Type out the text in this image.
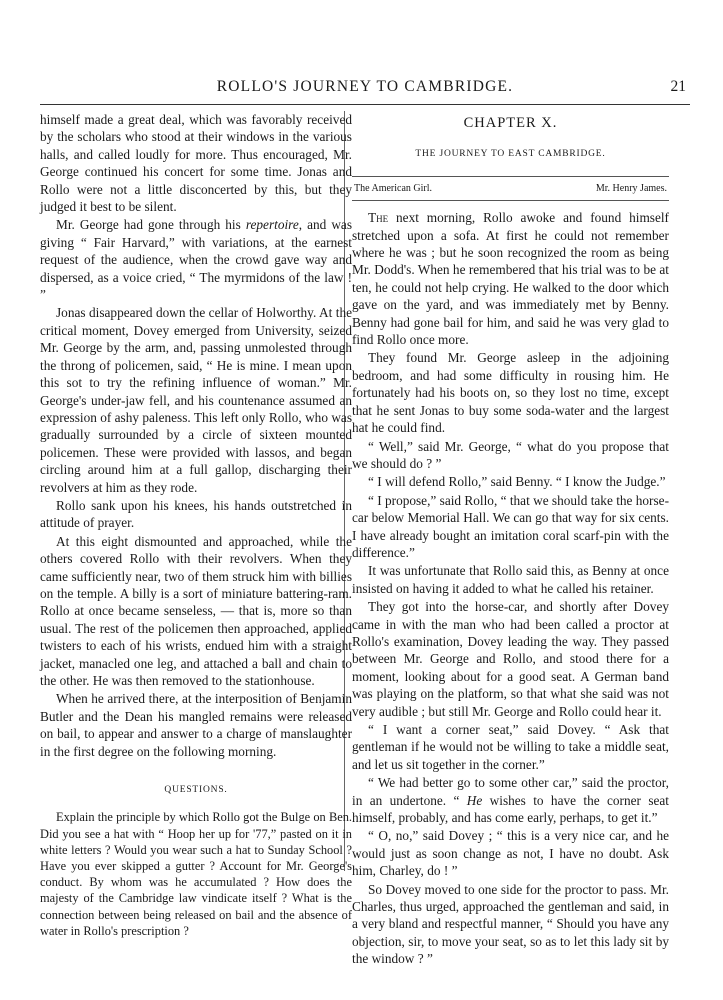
ROLLO'S JOURNEY TO CAMBRIDGE.	21

himself made a great deal, which was favorably received by the scholars who stood at their windows in the various halls, and called loudly for more. Thus encouraged, Mr. George continued his concert for some time. Jonas and Rollo were not a little disconcerted by this, but they judged it best to be silent.

Mr. George had gone through his repertoire, and was giving “ Fair Harvard,” with variations, at the earnest request of the audience, when the crowd gave way and dispersed, as a voice cried, “ The myrmidons of the law ! ”

Jonas disappeared down the cellar of Holworthy. At the critical moment, Dovey emerged from University, seized Mr. George by the arm, and, passing unmolested through the throng of policemen, said, “ He is mine. I mean upon this sot to try the refining influence of woman.” Mr. George's under-jaw fell, and his countenance assumed an expression of ashy paleness. This left only Rollo, who was gradually surrounded by a circle of sixteen mounted policemen. These were provided with lassos, and began circling around him at a full gallop, discharging their revolvers at him as they rode.

Rollo sank upon his knees, his hands outstretched in attitude of prayer.

At this eight dismounted and approached, while the others covered Rollo with their revolvers. When they came sufficiently near, two of them struck him with billies on the temple. A billy is a sort of miniature battering-ram. Rollo at once became senseless, — that is, more so than usual. The rest of the policemen then approached, applied twisters to each of his wrists, endued him with a straight jacket, manacled one leg, and attached a ball and chain to the other. He was then removed to the stationhouse.

When he arrived there, at the interposition of Benjamin Butler and the Dean his mangled remains were released on bail, to appear and answer to a charge of manslaughter in the first degree on the following morning.

QUESTIONS.

Explain the principle by which Rollo got the Bulge on Ben. Did you see a hat with “ Hoop her up for '77,” pasted on it in white letters ? Would you wear such a hat to Sunday School ? Have you ever skipped a gutter ? Account for Mr. George's conduct. By whom was he accumulated ? How does the majesty of the Cambridge law vindicate itself ? What is the connection between being released on bail and the absence of water in Rollo's prescription ?

CHAPTER X.
THE JOURNEY TO EAST CAMBRIDGE.
The American Girl.	Mr. Henry James.

The next morning, Rollo awoke and found himself stretched upon a sofa. At first he could not remember where he was ; but he soon recognized the room as being Mr. Dodd's. When he remembered that his trial was to be at ten, he could not help crying. He walked to the door which gave on the yard, and was immediately met by Benny. Benny had gone bail for him, and said he was very glad to find Rollo once more.

They found Mr. George asleep in the adjoining bedroom, and had some difficulty in rousing him. He fortunately had his boots on, so they lost no time, except that he sent Jonas to buy some soda-water and the largest hat he could find.

“ Well,” said Mr. George, “ what do you propose that we should do ? ”

“ I will defend Rollo,” said Benny. “ I know the Judge.”

“ I propose,” said Rollo, “ that we should take the horse-car below Memorial Hall. We can go that way for six cents. I have already bought an imitation coral scarf-pin with the difference.”

It was unfortunate that Rollo said this, as Benny at once insisted on having it added to what he called his retainer.

They got into the horse-car, and shortly after Dovey came in with the man who had been called a proctor at Rollo's examination, Dovey leading the way. They passed between Mr. George and Rollo, and stood there for a moment, looking about for a good seat. A German band was playing on the platform, so that what she said was not very audible ; but still Mr. George and Rollo could hear it.

“ I want a corner seat,” said Dovey. “ Ask that gentleman if he would not be willing to take a middle seat, and let us sit together in the corner.”

“ We had better go to some other car,” said the proctor, in an undertone. “ He wishes to have the corner seat himself, probably, and has come early, perhaps, to get it.”

“ O, no,” said Dovey ; “ this is a very nice car, and he would just as soon change as not, I have no doubt. Ask him, Charley, do ! ”

So Dovey moved to one side for the proctor to pass. Mr. Charles, thus urged, approached the gentleman and said, in a very bland and respectful manner, “ Should you have any objection, sir, to move your seat, so as to let this lady sit by the window ? ”
